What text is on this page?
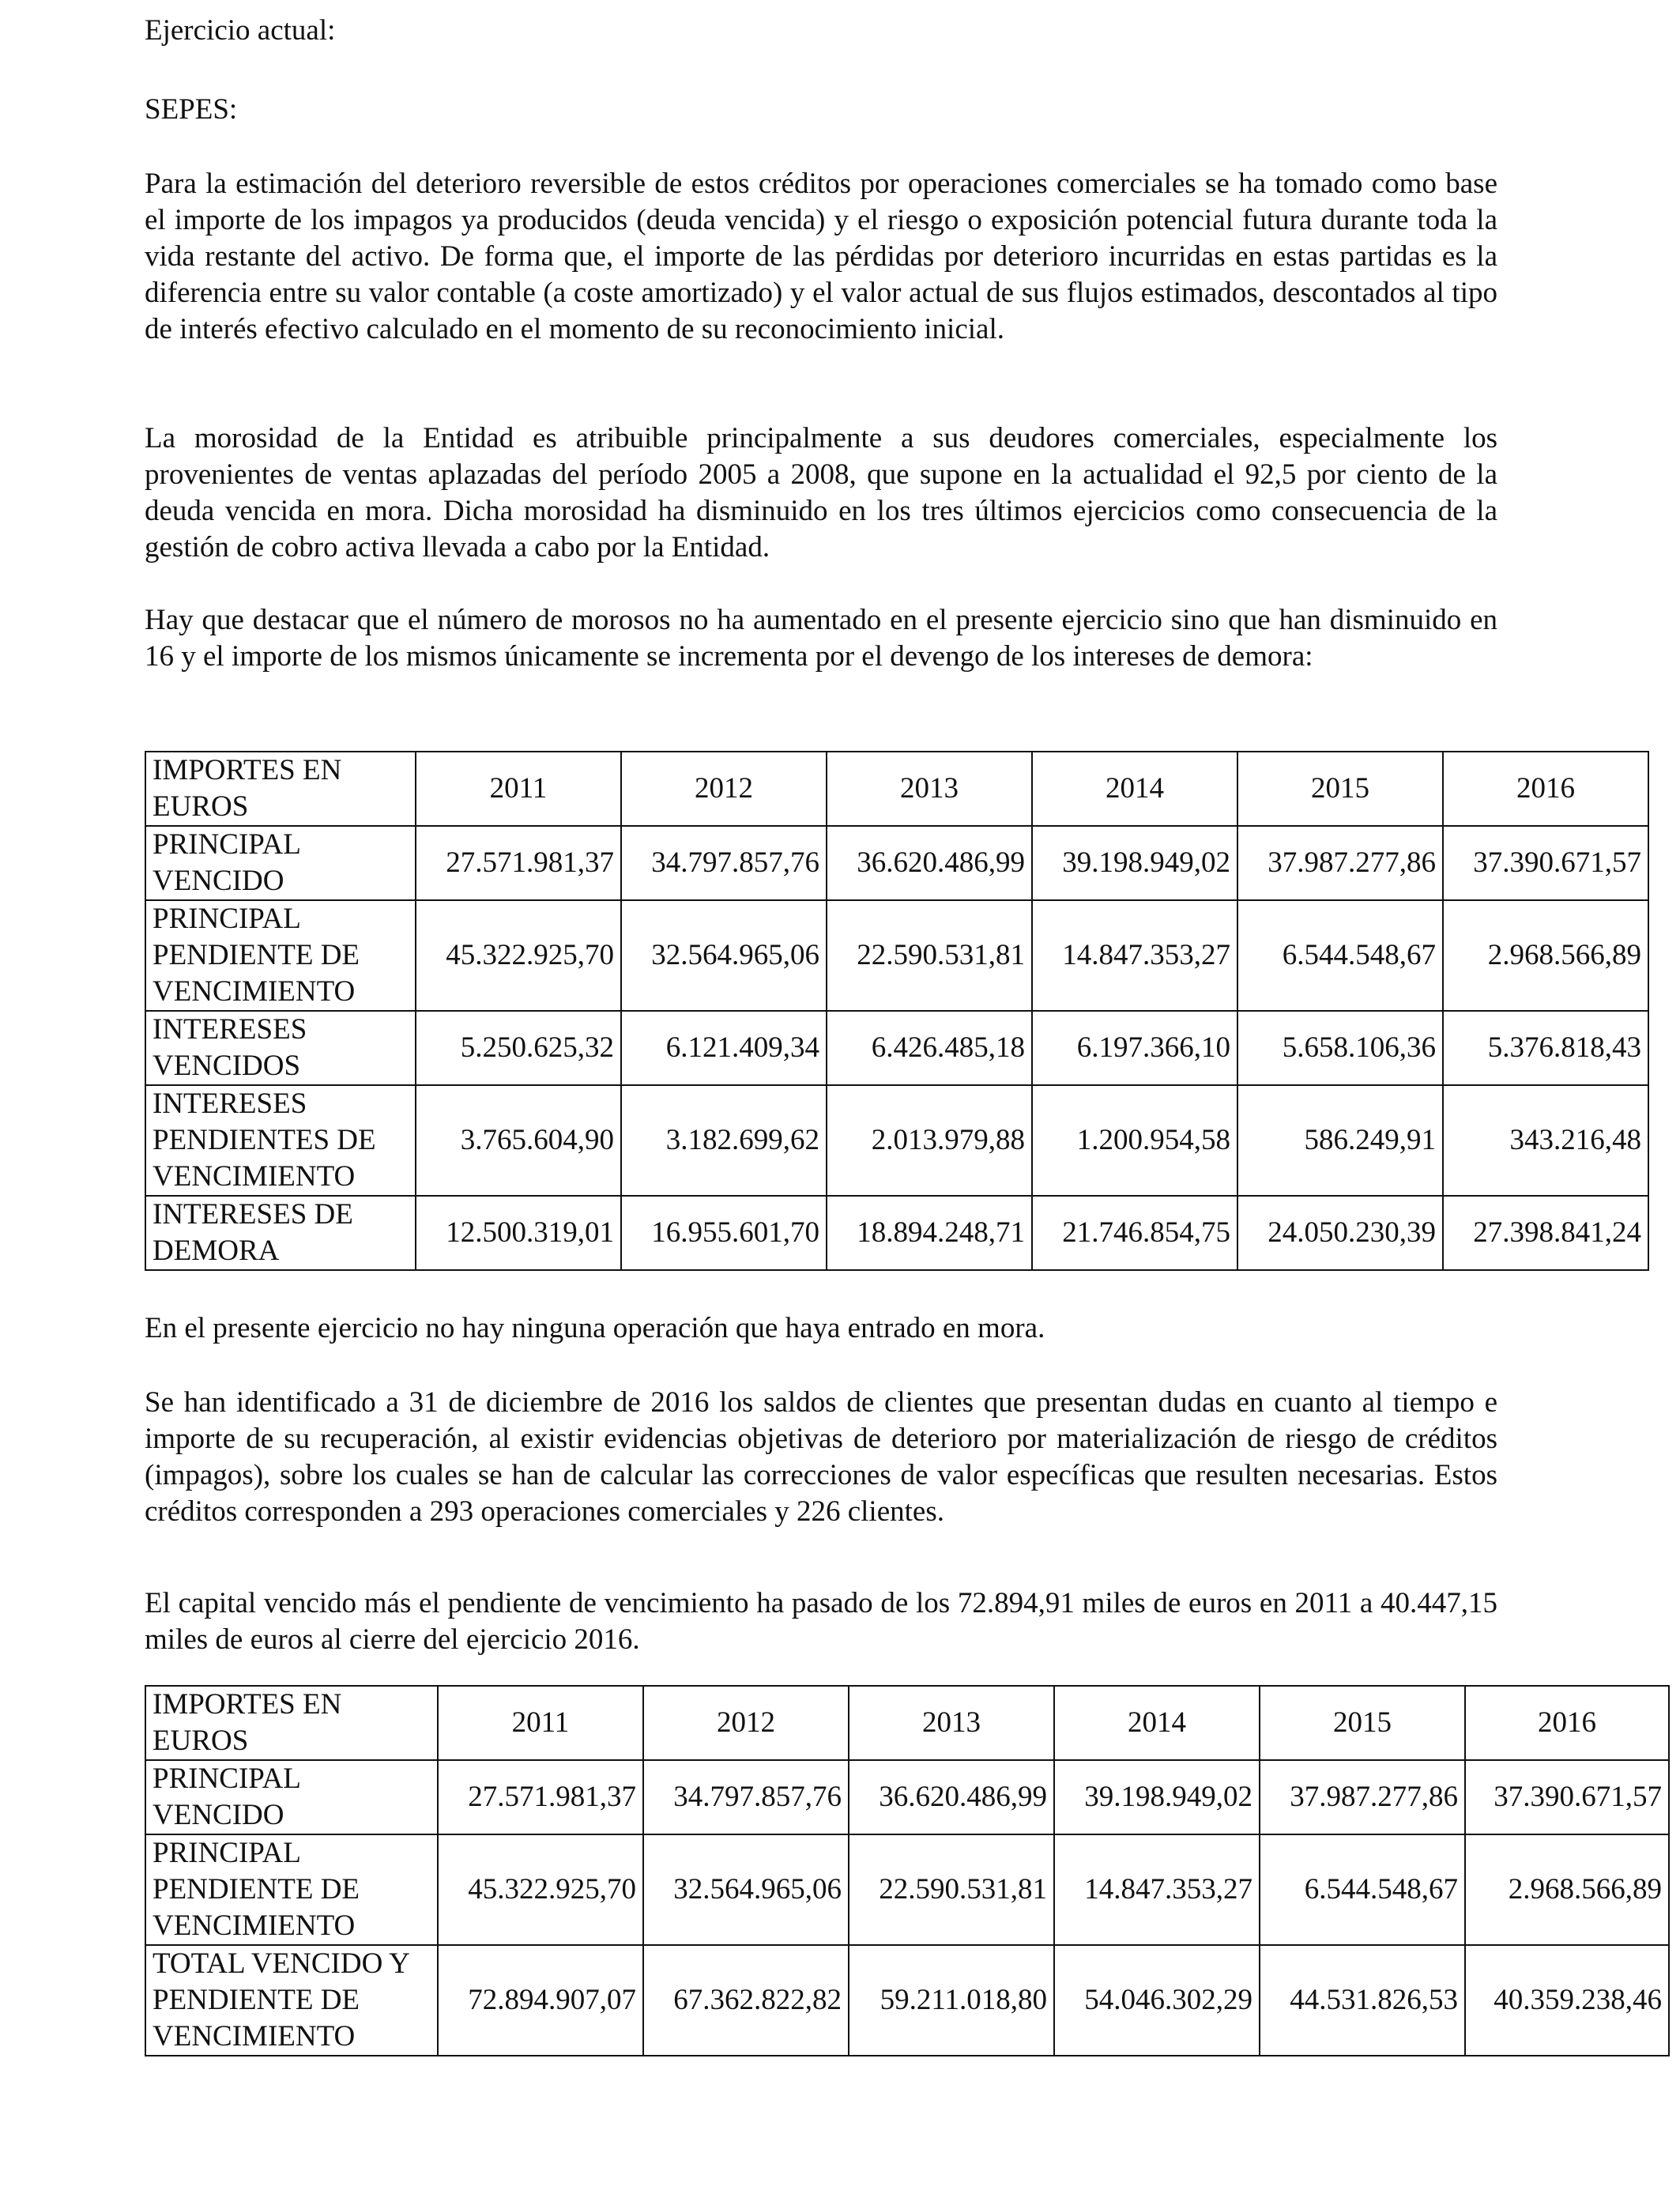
Ejercicio actual:

SEPES:

Para la estimación del deterioro reversible de estos créditos por operaciones comerciales se ha tomado como base el importe de los impagos ya producidos (deuda vencida) y el riesgo o exposición potencial futura durante toda la vida restante del activo. De forma que, el importe de las pérdidas por deterioro incurridas en estas partidas es la diferencia entre su valor contable (a coste amortizado) y el valor actual de sus flujos estimados, descontados al tipo de interés efectivo calculado en el momento de su reconocimiento inicial.

La morosidad de la Entidad es atribuible principalmente a sus deudores comerciales, especialmente los provenientes de ventas aplazadas del período 2005 a 2008, que supone en la actualidad el 92,5 por ciento de la deuda vencida en mora. Dicha morosidad ha disminuido en los tres últimos ejercicios como consecuencia de la gestión de cobro activa llevada a cabo por la Entidad.

Hay que destacar que el número de morosos no ha aumentado en el presente ejercicio sino que han disminuido en 16 y el importe de los mismos únicamente se incrementa por el devengo de los intereses de demora:

IMPORTES EN EUROS	2011	2012	2013	2014	2015	2016
PRINCIPAL VENCIDO	27.571.981,37	34.797.857,76	36.620.486,99	39.198.949,02	37.987.277,86	37.390.671,57
PRINCIPAL PENDIENTE DE VENCIMIENTO	45.322.925,70	32.564.965,06	22.590.531,81	14.847.353,27	6.544.548,67	2.968.566,89
INTERESES VENCIDOS	5.250.625,32	6.121.409,34	6.426.485,18	6.197.366,10	5.658.106,36	5.376.818,43
INTERESES PENDIENTES DE VENCIMIENTO	3.765.604,90	3.182.699,62	2.013.979,88	1.200.954,58	586.249,91	343.216,48
INTERESES DE DEMORA	12.500.319,01	16.955.601,70	18.894.248,71	21.746.854,75	24.050.230,39	27.398.841,24

En el presente ejercicio no hay ninguna operación que haya entrado en mora.

Se han identificado a 31 de diciembre de 2016 los saldos de clientes que presentan dudas en cuanto al tiempo e importe de su recuperación, al existir evidencias objetivas de deterioro por materialización de riesgo de créditos (impagos), sobre los cuales se han de calcular las correcciones de valor específicas que resulten necesarias. Estos créditos corresponden a 293 operaciones comerciales y 226 clientes.

El capital vencido más el pendiente de vencimiento ha pasado de los 72.894,91 miles de euros en 2011 a 40.447,15 miles de euros al cierre del ejercicio 2016.

IMPORTES EN EUROS	2011	2012	2013	2014	2015	2016
PRINCIPAL VENCIDO	27.571.981,37	34.797.857,76	36.620.486,99	39.198.949,02	37.987.277,86	37.390.671,57
PRINCIPAL PENDIENTE DE VENCIMIENTO	45.322.925,70	32.564.965,06	22.590.531,81	14.847.353,27	6.544.548,67	2.968.566,89
TOTAL VENCIDO Y PENDIENTE DE VENCIMIENTO	72.894.907,07	67.362.822,82	59.211.018,80	54.046.302,29	44.531.826,53	40.359.238,46
